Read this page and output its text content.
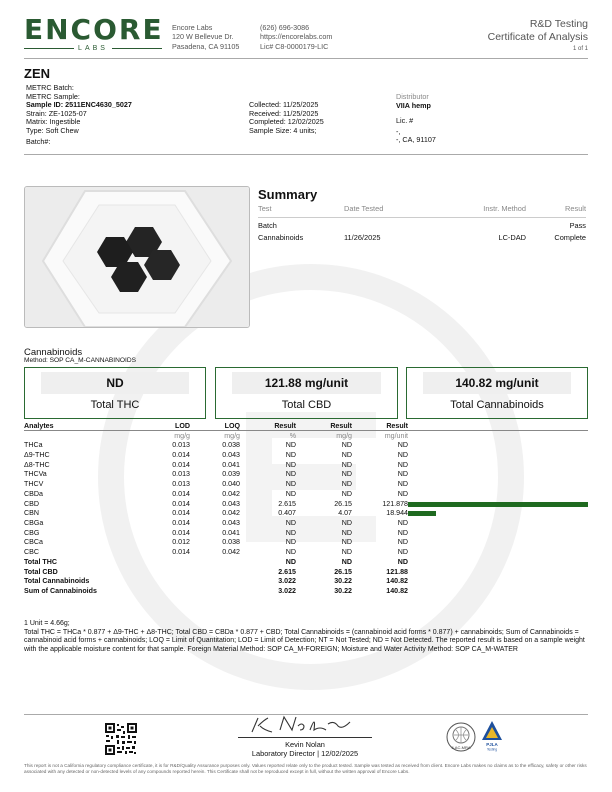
ENCORE
LABS
Encore Labs
120 W Bellevue Dr.
Pasadena, CA 91105
(626) 696-3086
https://encorelabs.com
Lic# C8-0000179-LIC
R&D Testing
Certificate of Analysis
1 of 1
ZEN
METRC Batch:
METRC Sample:
Sample ID: 2511ENC4630_5027
Strain: ZE-1025-07
Matrix: Ingestible
Type: Soft Chew
Batch#:
Collected: 11/25/2025
Received: 11/25/2025
Completed: 12/02/2025
Sample Size: 4 units;
Distributor
VIIA hemp
Lic. #
-,
-, CA, 91107
Summary
Test	Date Tested	Instr. Method	Result
Batch			Pass
Cannabinoids	11/26/2025	LC-DAD	Complete
Cannabinoids
Method: SOP CA_M-CANNABINOIDS
ND
Total THC
121.88 mg/unit
Total CBD
140.82 mg/unit
Total Cannabinoids
Analytes	LOD	LOQ	Result	Result	Result
	mg/g	mg/g	%	mg/g	mg/unit
THCa	0.013	0.038	ND	ND	ND
Δ9-THC	0.014	0.043	ND	ND	ND
Δ8-THC	0.014	0.041	ND	ND	ND
THCVa	0.013	0.039	ND	ND	ND
THCV	0.013	0.040	ND	ND	ND
CBDa	0.014	0.042	ND	ND	ND
CBD	0.014	0.043	2.615	26.15	121.878
CBN	0.014	0.042	0.407	4.07	18.944
CBGa	0.014	0.043	ND	ND	ND
CBG	0.014	0.041	ND	ND	ND
CBCa	0.012	0.038	ND	ND	ND
CBC	0.014	0.042	ND	ND	ND
Total THC			ND	ND	ND
Total CBD			2.615	26.15	121.88
Total Cannabinoids			3.022	30.22	140.82
Sum of Cannabinoids			3.022	30.22	140.82
1 Unit = 4.66g;
Total THC = THCa * 0.877 + Δ9-THC + Δ8-THC; Total CBD = CBDa * 0.877 + CBD; Total Cannabinoids = (cannabinoid acid forms * 0.877) + cannabinoids; Sum of Cannabinoids = cannabinoid acid forms + cannabinoids; LOQ = Limit of Quantitation; LOD = Limit of Detection; NT = Not Tested; ND = Not Detected. The reported result is based on a sample weight with the applicable moisture content for that sample. Foreign Material Method: SOP CA_M-FOREIGN; Moisture and Water Activity Method: SOP CA_M-WATER
Kevin Nolan
Laboratory Director | 12/02/2025
ILAC-MRA
PJLA
Testing
This report is not a California regulatory compliance certificate, it is for R&D/Quality Assurance purposes only. Values reported relate only to the product tested. Sample was tested as received from client. Encore Labs makes no claims as to the efficacy, safety or other risks associated with any detected or non-detected levels of any compounds reported herein. This Certificate shall not be reproduced except in full, without the written approval of Encore Labs.
